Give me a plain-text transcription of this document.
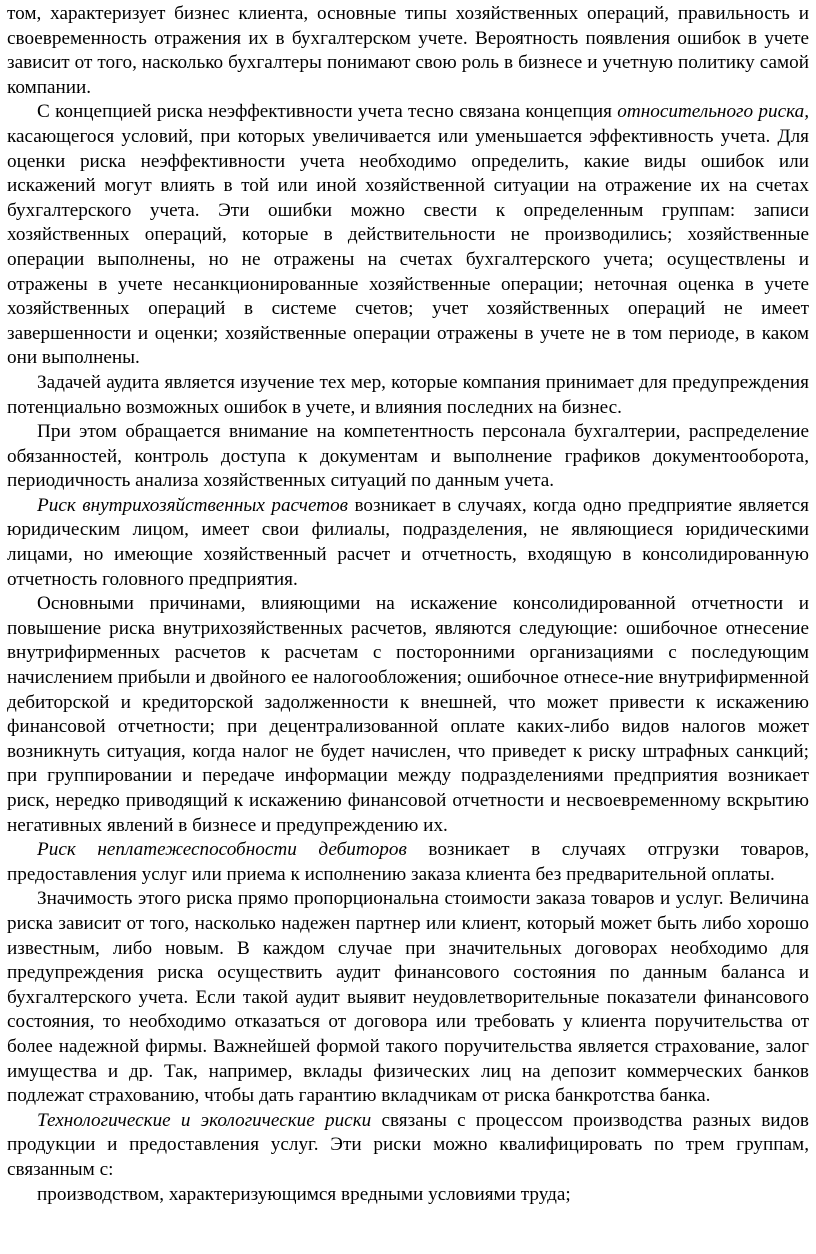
том, характеризует бизнес клиента, основные типы хозяйственных операций, правильность и своевременность отражения их в бухгалтерском учете. Вероятность появления ошибок в учете зависит от того, насколько бухгалтеры понимают свою роль в бизнесе и учетную политику самой компании.

С концепцией риска неэффективности учета тесно связана концепция относительного риска, касающегося условий, при которых увеличивается или уменьшается эффективность учета. Для оценки риска неэффективности учета необходимо определить, какие виды ошибок или искажений могут влиять в той или иной хозяйственной ситуации на отражение их на счетах бухгалтерского учета. Эти ошибки можно свести к определенным группам: записи хозяйственных операций, которые в действительности не производились; хозяйственные операции выполнены, но не отражены на счетах бухгалтерского учета; осуществлены и отражены в учете несанкционированные хозяйственные операции; неточная оценка в учете хозяйственных операций в системе счетов; учет хозяйственных операций не имеет завершенности и оценки; хозяйственные операции отражены в учете не в том периоде, в каком они выполнены.

Задачей аудита является изучение тех мер, которые компания принимает для предупреждения потенциально возможных ошибок в учете, и влияния последних на бизнес.

При этом обращается внимание на компетентность персонала бухгалтерии, распределение обязанностей, контроль доступа к документам и выполнение графиков документооборота, периодичность анализа хозяйственных ситуаций по данным учета.

Риск внутрихозяйственных расчетов возникает в случаях, когда одно предприятие является юридическим лицом, имеет свои филиалы, подразделения, не являющиеся юридическими лицами, но имеющие хозяйственный расчет и отчетность, входящую в консолидированную отчетность головного предприятия.

Основными причинами, влияющими на искажение консолидированной отчетности и повышение риска внутрихозяйственных расчетов, являются следующие: ошибочное отнесение внутрифирменных расчетов к расчетам с посторонними организациями с последующим начислением прибыли и двойного ее налогообложения; ошибочное отнесе-ние внутрифирменной дебиторской и кредиторской задолженности к внешней, что может привести к искажению финансовой отчетности; при децентрализованной оплате каких-либо видов налогов может возникнуть ситуация, когда налог не будет начислен, что приведет к риску штрафных санкций; при группировании и передаче информации между подразделениями предприятия возникает риск, нередко приводящий к искажению финансовой отчетности и несвоевременному вскрытию негативных явлений в бизнесе и предупреждению их.

Риск неплатежеспособности дебиторов возникает в случаях отгрузки товаров, предоставления услуг или приема к исполнению заказа клиента без предварительной оплаты.

Значимость этого риска прямо пропорциональна стоимости заказа товаров и услуг. Величина риска зависит от того, насколько надежен партнер или клиент, который может быть либо хорошо известным, либо новым. В каждом случае при значительных договорах необходимо для предупреждения риска осуществить аудит финансового состояния по данным баланса и бухгалтерского учета. Если такой аудит выявит неудовлетворительные показатели финансового состояния, то необходимо отказаться от договора или требовать у клиента поручительства от более надежной фирмы. Важнейшей формой такого поручительства является страхование, залог имущества и др. Так, например, вклады физических лиц на депозит коммерческих банков подлежат страхованию, чтобы дать гарантию вкладчикам от риска банкротства банка.

Технологические и экологические риски связаны с процессом производства разных видов продукции и предоставления услуг. Эти риски можно квалифицировать по трем группам, связанным с:

производством, характеризующимся вредными условиями труда;
